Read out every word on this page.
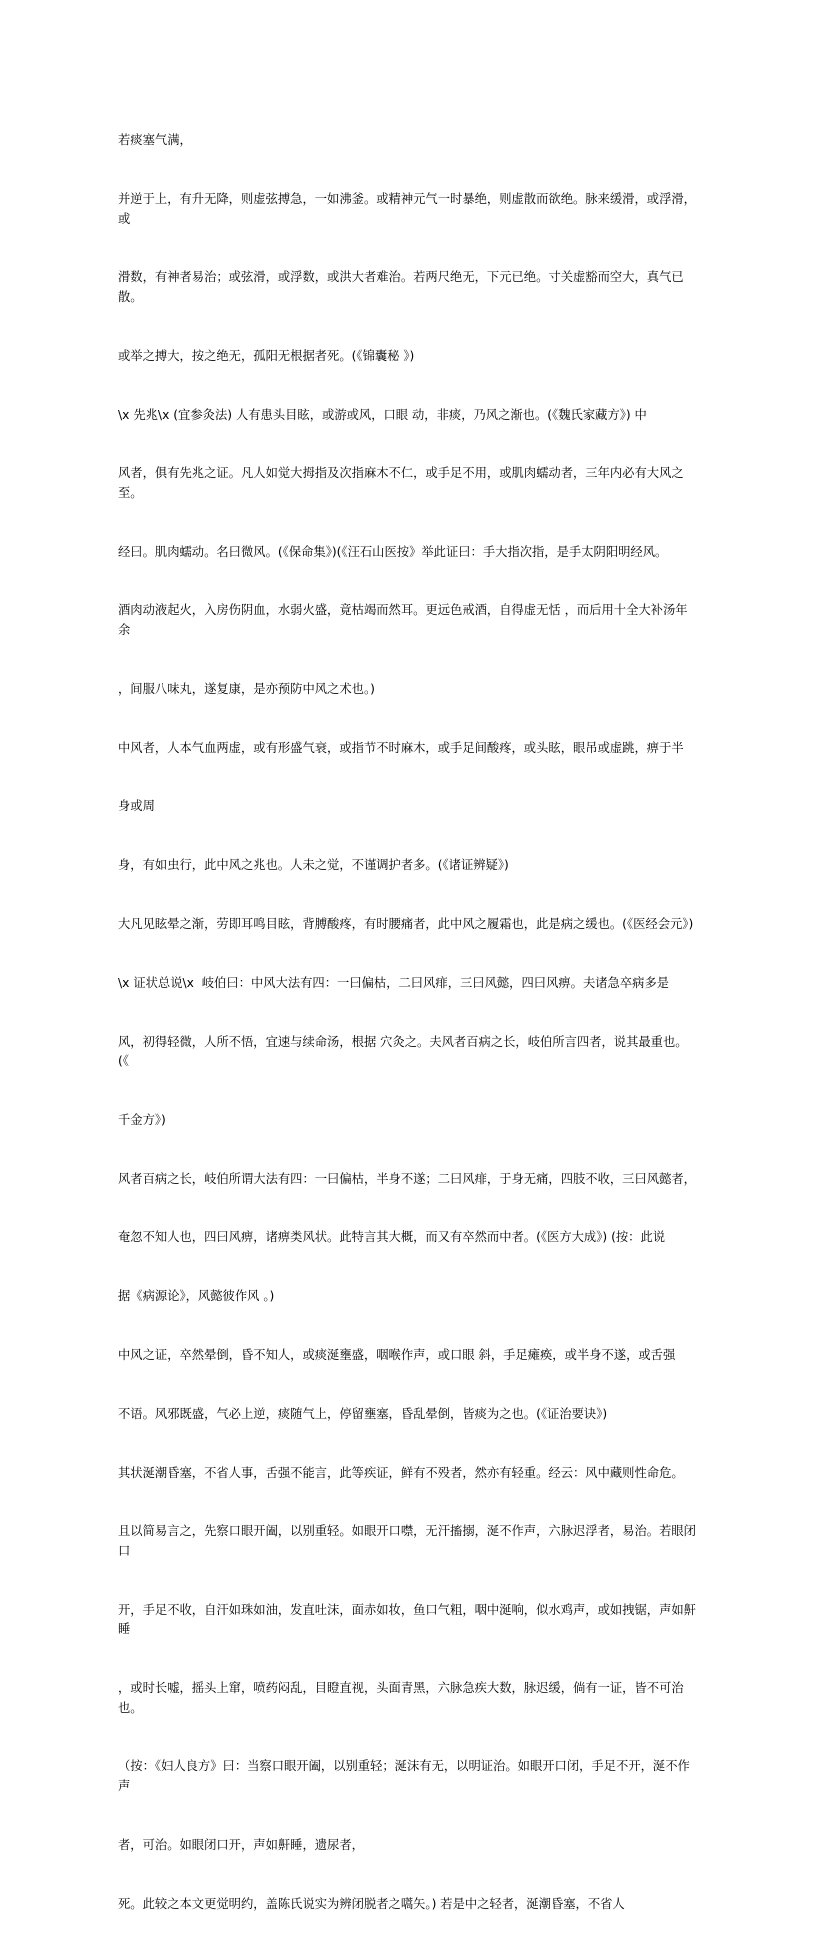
若痰塞气满，

并逆于上，有升无降，则虚弦搏急，一如沸釜。或精神元气一时暴绝，则虚散而欲绝。脉来缓滑，或浮滑，或

滑数，有神者易治；或弦滑，或浮数，或洪大者难治。若两尺绝无，下元已绝。寸关虚豁而空大，真气已散。

或举之搏大，按之绝无，孤阳无根据者死。(《锦囊秘 》)

\x 先兆\x (宜参灸法) 人有患头目眩，或游或风，口眼 动，非痰，乃风之渐也。(《魏氏家藏方》) 中

风者，俱有先兆之证。凡人如觉大拇指及次指麻木不仁，或手足不用，或肌肉蠕动者，三年内必有大风之至。

经曰。肌肉蠕动。名曰微风。(《保命集》)(《汪石山医按》举此证曰：手大指次指，是手太阴阳明经风。

酒肉动液起火，入房伤阴血，水弱火盛，竟枯竭而然耳。更远色戒酒，自得虚无恬 ，而后用十全大补汤年余

，间服八味丸，遂复康，是亦预防中风之术也。)

中风者，人本气血两虚，或有形盛气衰，或指节不时麻木，或手足间酸疼，或头眩，眼吊或虚跳，痹于半

身或周

身，有如虫行，此中风之兆也。人未之觉，不谨调护者多。(《诸证辨疑》)

大凡见眩晕之渐，劳即耳鸣目眩，背膊酸疼，有时腰痛者，此中风之履霜也，此是病之缓也。(《医经会元》)

\x 证状总说\x  岐伯曰：中风大法有四：一曰偏枯，二曰风痱，三曰风懿，四曰风痹。夫诸急卒病多是

风，初得轻微，人所不悟，宜速与续命汤，根据 穴灸之。夫风者百病之长，岐伯所言四者，说其最重也。(《

千金方》)

风者百病之长，岐伯所谓大法有四：一曰偏枯，半身不遂；二曰风痱，于身无痛，四肢不收，三曰风懿者，

奄忽不知人也，四曰风痹，诸痹类风状。此特言其大概，而又有卒然而中者。(《医方大成》) (按：此说

据《病源论》，风懿彼作风 。)

中风之证，卒然晕倒，昏不知人，或痰涎壅盛，咽喉作声，或口眼 斜，手足瘫痪，或半身不遂，或舌强

不语。风邪既盛，气必上逆，痰随气上，停留壅塞，昏乱晕倒，皆痰为之也。(《证治要诀》)

其状涎潮昏塞，不省人事，舌强不能言，此等疾证，鲜有不殁者，然亦有轻重。经云：风中藏则性命危。

且以简易言之，先察口眼开阖，以别重轻。如眼开口噤，无汗搐搦，涎不作声，六脉迟浮者，易治。若眼闭口

开，手足不收，自汗如珠如油，发直吐沫，面赤如妆，鱼口气粗，咽中涎响，似水鸡声，或如拽锯，声如鼾睡

，或时长嘘，摇头上窜，喷药闷乱，目瞪直视，头面青黑，六脉急疾大数，脉迟缓，倘有一证，皆不可治也。

（按：《妇人良方》曰：当察口眼开阖，以别重轻；涎沫有无，以明证治。如眼开口闭，手足不开，涎不作声

者，可治。如眼闭口开，声如鼾睡，遗尿者，

死。此较之本文更觉明约，盖陈氏说实为辨闭脱者之嚆矢。) 若是中之轻者，涎潮昏塞，不省人
